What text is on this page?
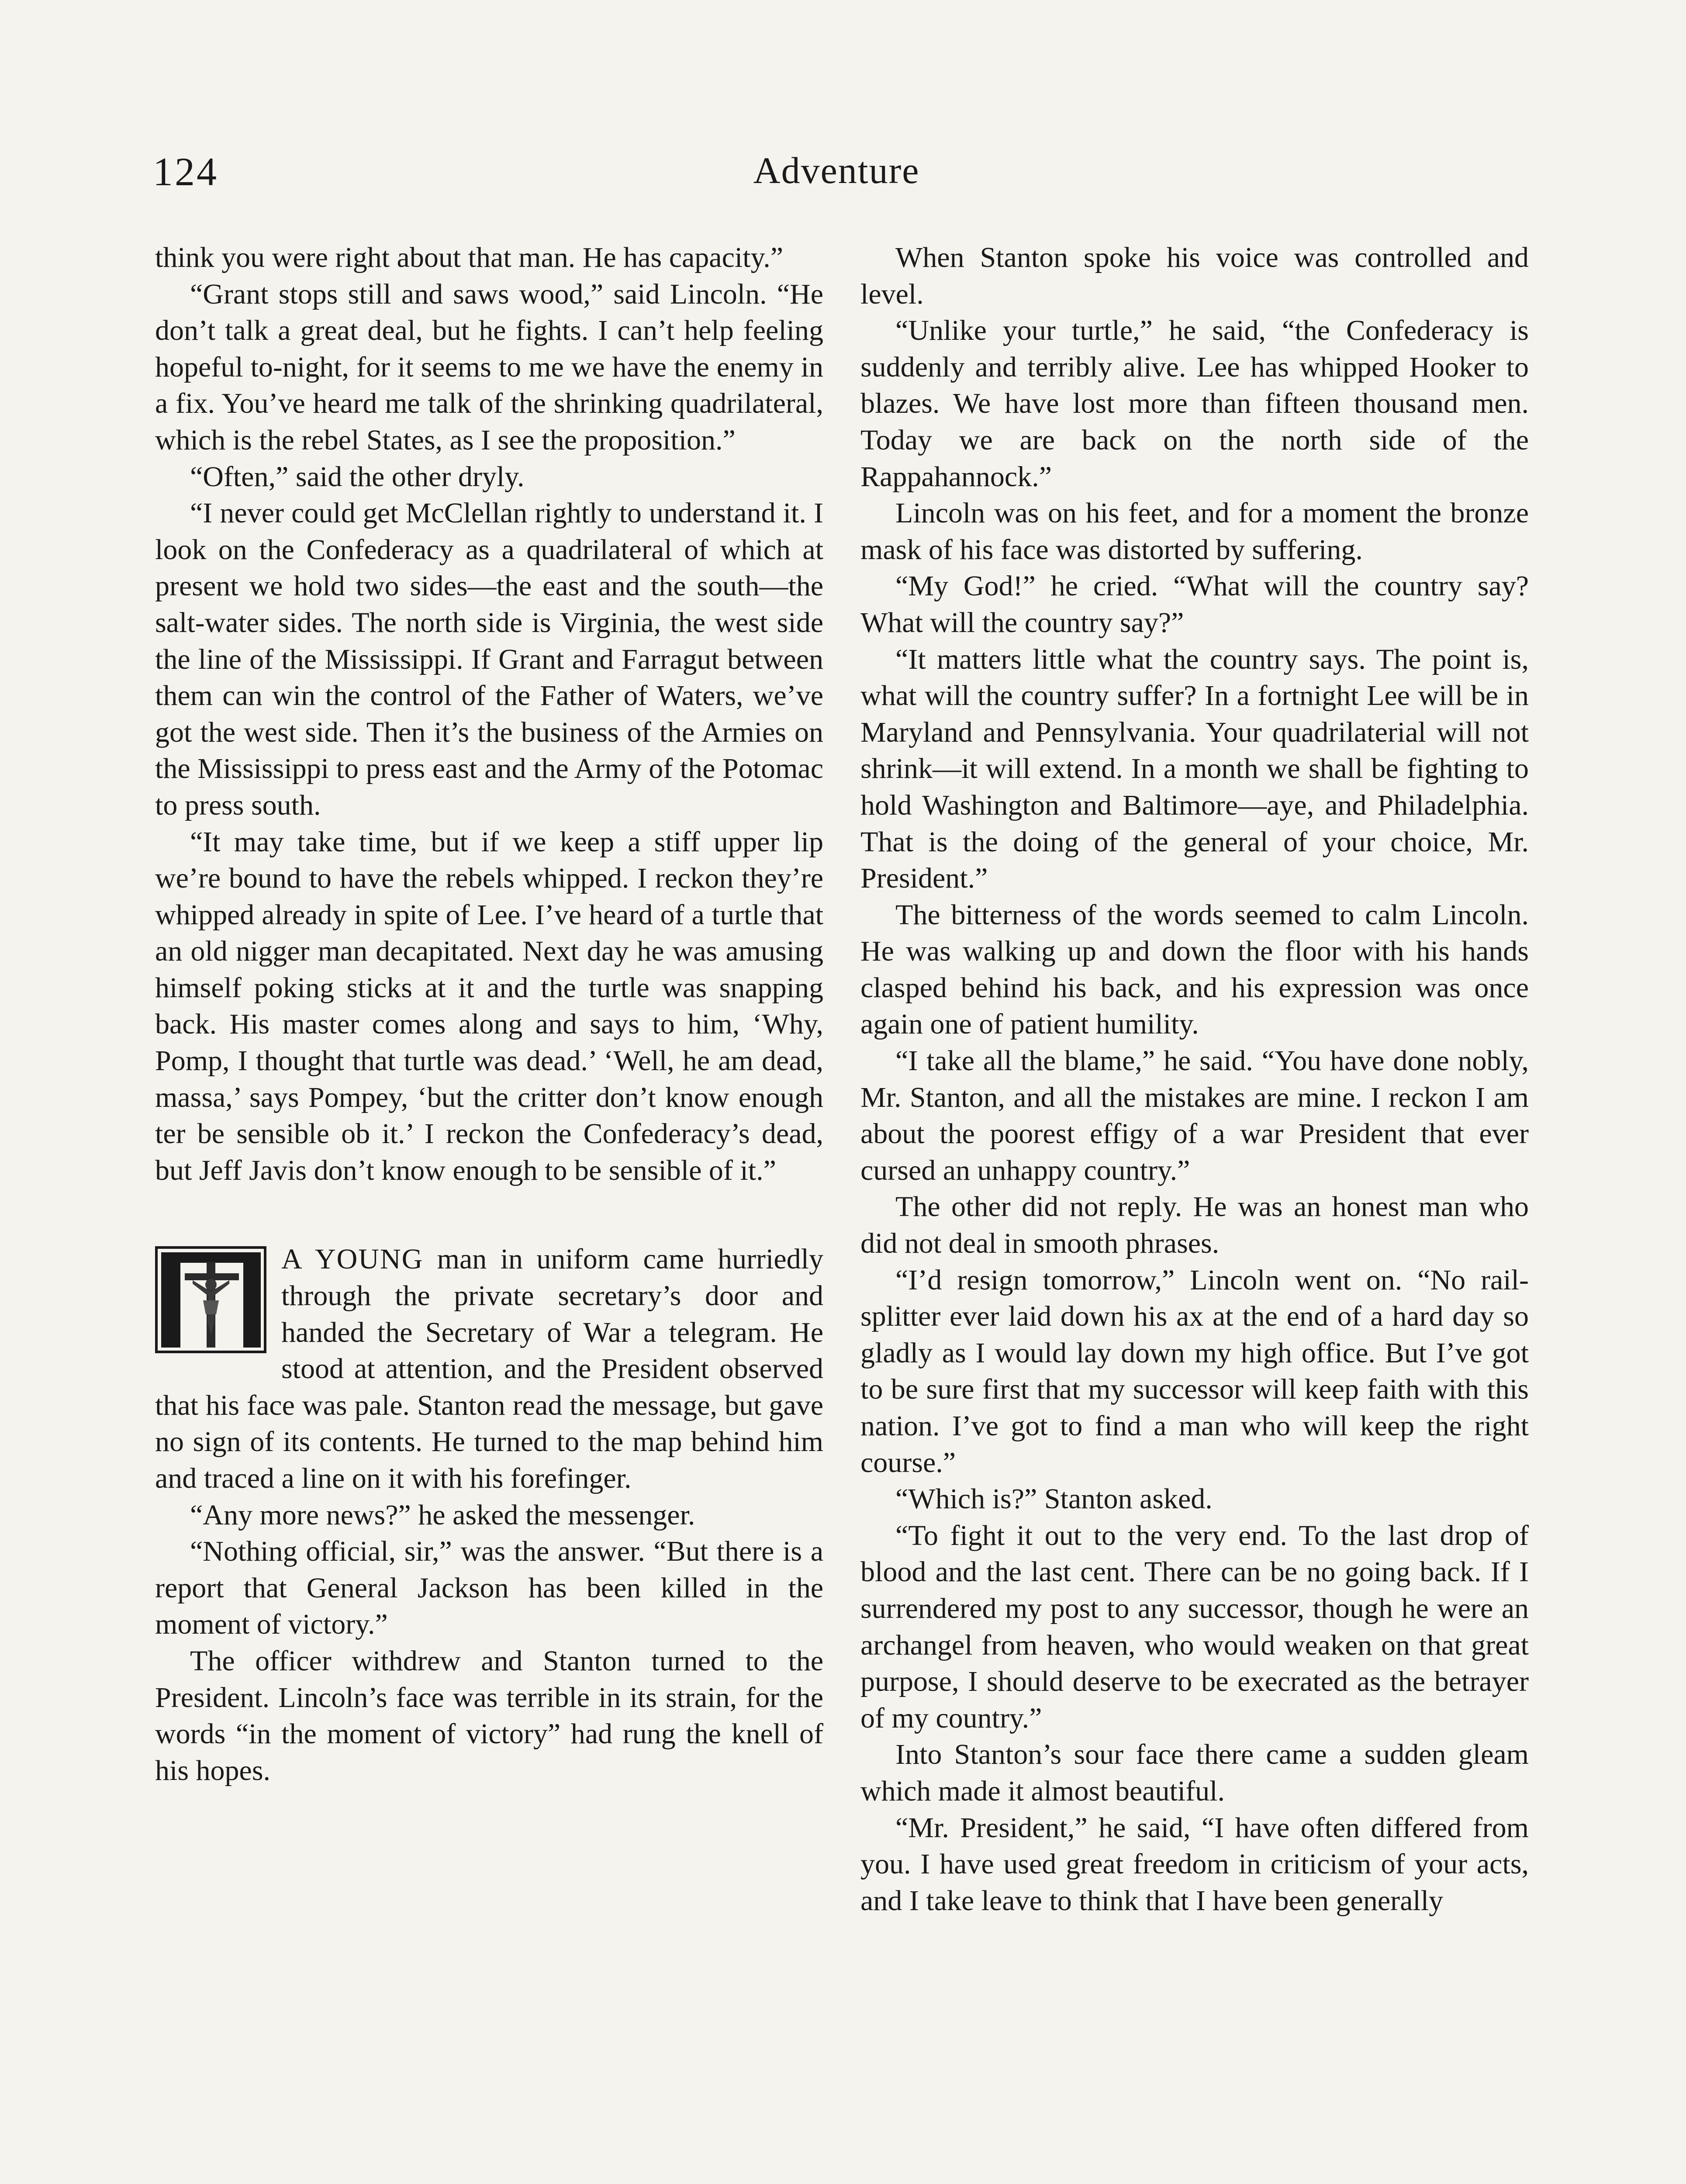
124	Adventure

think you were right about that man. He has capacity.”

“Grant stops still and saws wood,” said Lincoln. “He don’t talk a great deal, but he fights. I can’t help feeling hopeful to-night, for it seems to me we have the enemy in a fix. You’ve heard me talk of the shrinking quadrilateral, which is the rebel States, as I see the proposition.”

“Often,” said the other dryly.

“I never could get McClellan rightly to understand it. I look on the Confederacy as a quadrilateral of which at present we hold two sides—the east and the south—the salt-water sides. The north side is Virginia, the west side the line of the Mississippi. If Grant and Farragut between them can win the control of the Father of Waters, we’ve got the west side. Then it’s the business of the Armies on the Mississippi to press east and the Army of the Potomac to press south.

“It may take time, but if we keep a stiff upper lip we’re bound to have the rebels whipped. I reckon they’re whipped already in spite of Lee. I’ve heard of a turtle that an old nigger man decapitated. Next day he was amusing himself poking sticks at it and the turtle was snapping back. His master comes along and says to him, ‘Why, Pomp, I thought that turtle was dead.’ ‘Well, he am dead, massa,’ says Pompey, ‘but the critter don’t know enough ter be sensible ob it.’ I reckon the Confederacy’s dead, but Jeff Javis don’t know enough to be sensible of it.”

A YOUNG man in uniform came hurriedly through the private secretary’s door and handed the Secretary of War a telegram. He stood at attention, and the President observed that his face was pale. Stanton read the message, but gave no sign of its contents. He turned to the map behind him and traced a line on it with his forefinger.

“Any more news?” he asked the messenger.

“Nothing official, sir,” was the answer. “But there is a report that General Jackson has been killed in the moment of victory.”

The officer withdrew and Stanton turned to the President. Lincoln’s face was terrible in its strain, for the words “in the moment of victory” had rung the knell of his hopes.

When Stanton spoke his voice was controlled and level.

“Unlike your turtle,” he said, “the Confederacy is suddenly and terribly alive. Lee has whipped Hooker to blazes. We have lost more than fifteen thousand men. Today we are back on the north side of the Rappahannock.”

Lincoln was on his feet, and for a moment the bronze mask of his face was distorted by suffering.

“My God!” he cried. “What will the country say? What will the country say?”

“It matters little what the country says. The point is, what will the country suffer? In a fortnight Lee will be in Maryland and Pennsylvania. Your quadrilaterial will not shrink—it will extend. In a month we shall be fighting to hold Washington and Baltimore—aye, and Philadelphia. That is the doing of the general of your choice, Mr. President.”

The bitterness of the words seemed to calm Lincoln. He was walking up and down the floor with his hands clasped behind his back, and his expression was once again one of patient humility.

“I take all the blame,” he said. “You have done nobly, Mr. Stanton, and all the mistakes are mine. I reckon I am about the poorest effigy of a war President that ever cursed an unhappy country.”

The other did not reply. He was an honest man who did not deal in smooth phrases.

“I’d resign tomorrow,” Lincoln went on. “No rail-splitter ever laid down his ax at the end of a hard day so gladly as I would lay down my high office. But I’ve got to be sure first that my successor will keep faith with this nation. I’ve got to find a man who will keep the right course.”

“Which is?” Stanton asked.

“To fight it out to the very end. To the last drop of blood and the last cent. There can be no going back. If I surrendered my post to any successor, though he were an archangel from heaven, who would weaken on that great purpose, I should deserve to be execrated as the betrayer of my country.”

Into Stanton’s sour face there came a sudden gleam which made it almost beautiful.

“Mr. President,” he said, “I have often differed from you. I have used great freedom in criticism of your acts, and I take leave to think that I have been generally
